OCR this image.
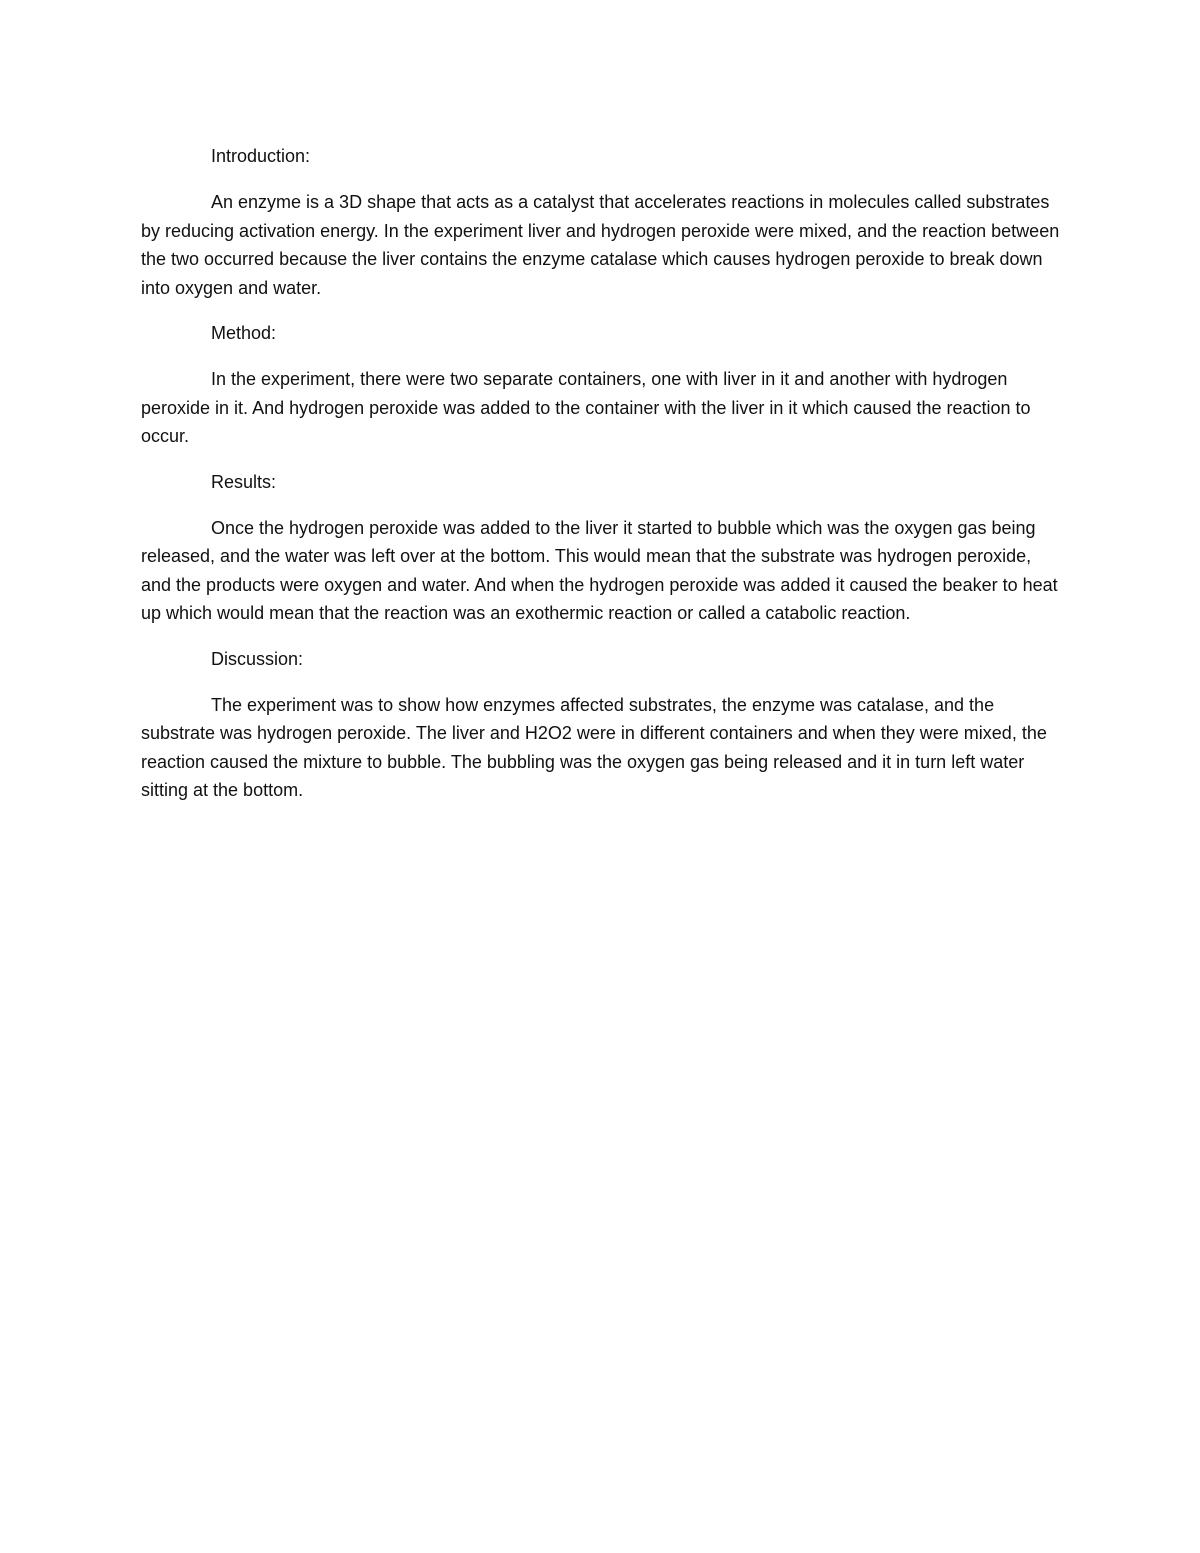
Introduction:
An enzyme is a 3D shape that acts as a catalyst that accelerates reactions in molecules called substrates by reducing activation energy. In the experiment liver and hydrogen peroxide were mixed, and the reaction between the two occurred because the liver contains the enzyme catalase which causes hydrogen peroxide to break down into oxygen and water.
Method:
In the experiment, there were two separate containers, one with liver in it and another with hydrogen peroxide in it. And hydrogen peroxide was added to the container with the liver in it which caused the reaction to occur.
Results:
Once the hydrogen peroxide was added to the liver it started to bubble which was the oxygen gas being released, and the water was left over at the bottom. This would mean that the substrate was hydrogen peroxide, and the products were oxygen and water. And when the hydrogen peroxide was added it caused the beaker to heat up which would mean that the reaction was an exothermic reaction or called a catabolic reaction.
Discussion:
The experiment was to show how enzymes affected substrates, the enzyme was catalase, and the substrate was hydrogen peroxide. The liver and H2O2 were in different containers and when they were mixed, the reaction caused the mixture to bubble. The bubbling was the oxygen gas being released and it in turn left water sitting at the bottom.
